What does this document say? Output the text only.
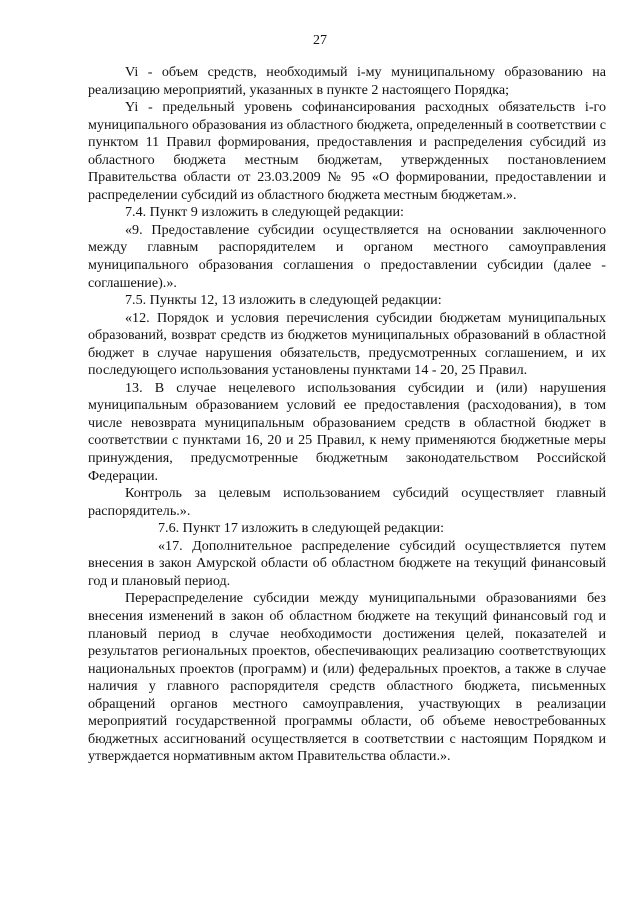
27

Vi - объем средств, необходимый i-му муниципальному образованию на реализацию мероприятий, указанных в пункте 2 настоящего Порядка;

Yi - предельный уровень софинансирования расходных обязательств i-го муниципального образования из областного бюджета, определенный в соответствии с пунктом 11 Правил формирования, предоставления и распределения субсидий из областного бюджета местным бюджетам, утвержденных постановлением Правительства области от 23.03.2009 № 95 «О формировании, предоставлении и распределении субсидий из областного бюджета местным бюджетам.».

7.4. Пункт 9 изложить в следующей редакции:

«9. Предоставление субсидии осуществляется на основании заключенного между главным распорядителем и органом местного самоуправления муниципального образования соглашения о предоставлении субсидии (далее - соглашение).».

7.5. Пункты 12, 13 изложить в следующей редакции:

«12. Порядок и условия перечисления субсидии бюджетам муниципальных образований, возврат средств из бюджетов муниципальных образований в областной бюджет в случае нарушения обязательств, предусмотренных соглашением, и их последующего использования установлены пунктами 14 - 20, 25 Правил.

13. В случае нецелевого использования субсидии и (или) нарушения муниципальным образованием условий ее предоставления (расходования), в том числе невозврата муниципальным образованием средств в областной бюджет в соответствии с пунктами 16, 20 и 25 Правил, к нему применяются бюджетные меры принуждения, предусмотренные бюджетным законодательством Российской Федерации.

Контроль за целевым использованием субсидий осуществляет главный распорядитель.».

7.6. Пункт 17 изложить в следующей редакции:

«17. Дополнительное распределение субсидий осуществляется путем внесения в закон Амурской области об областном бюджете на текущий финансовый год и плановый период.

Перераспределение субсидии между муниципальными образованиями без внесения изменений в закон об областном бюджете на текущий финансовый год и плановый период в случае необходимости достижения целей, показателей и результатов региональных проектов, обеспечивающих реализацию соответствующих национальных проектов (программ) и (или) федеральных проектов, а также в случае наличия у главного распорядителя средств областного бюджета, письменных обращений органов местного самоуправления, участвующих в реализации мероприятий государственной программы области, об объеме невостребованных бюджетных ассигнований осуществляется в соответствии с настоящим Порядком и утверждается нормативным актом Правительства области.».
